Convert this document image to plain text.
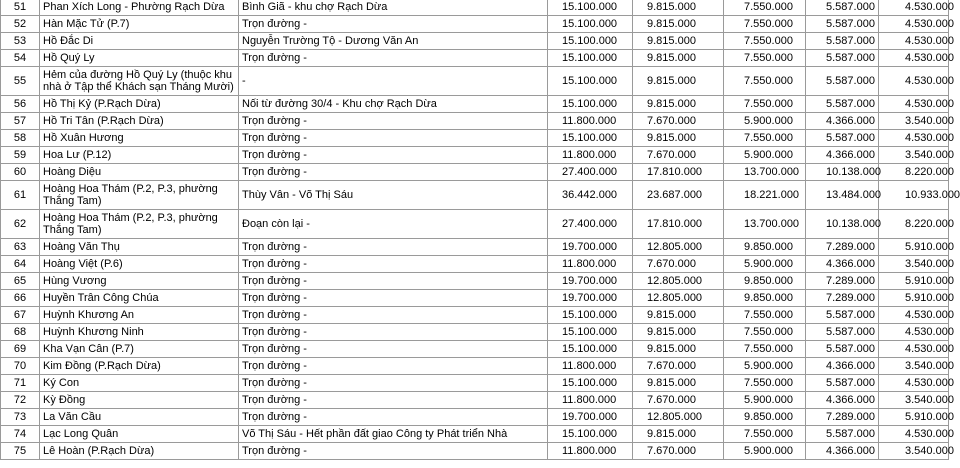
51	Phan Xích Long - Phường Rạch Dừa	Bình Giã - khu chợ Rạch Dừa	15.100.000	9.815.000	7.550.000	5.587.000	4.530.000
52	Hàn Mặc Tử (P.7)	Trọn đường -	15.100.000	9.815.000	7.550.000	5.587.000	4.530.000
53	Hồ Đắc Di	Nguyễn Trường Tộ - Dương Văn An	15.100.000	9.815.000	7.550.000	5.587.000	4.530.000
54	Hồ Quý Ly	Trọn đường -	15.100.000	9.815.000	7.550.000	5.587.000	4.530.000
55	Hẻm của đường Hồ Quý Ly (thuộc khu nhà ở Tập thể Khách sạn Tháng Mười)	-	15.100.000	9.815.000	7.550.000	5.587.000	4.530.000
56	Hồ Thị Kỷ (P.Rạch Dừa)	Nối từ đường 30/4 - Khu chợ Rạch Dừa	15.100.000	9.815.000	7.550.000	5.587.000	4.530.000
57	Hồ Tri Tân (P.Rạch Dừa)	Trọn đường -	11.800.000	7.670.000	5.900.000	4.366.000	3.540.000
58	Hồ Xuân Hương	Trọn đường -	15.100.000	9.815.000	7.550.000	5.587.000	4.530.000
59	Hoa Lư (P.12)	Trọn đường -	11.800.000	7.670.000	5.900.000	4.366.000	3.540.000
60	Hoàng Diệu	Trọn đường -	27.400.000	17.810.000	13.700.000	10.138.000	8.220.000
61	Hoàng Hoa Thám (P.2, P.3, phường Thắng Tam)	Thùy Vân - Võ Thị Sáu	36.442.000	23.687.000	18.221.000	13.484.000	10.933.000
62	Hoàng Hoa Thám (P.2, P.3, phường Thắng Tam)	Đoạn còn lại -	27.400.000	17.810.000	13.700.000	10.138.000	8.220.000
63	Hoàng Văn Thụ	Trọn đường -	19.700.000	12.805.000	9.850.000	7.289.000	5.910.000
64	Hoàng Việt (P.6)	Trọn đường -	11.800.000	7.670.000	5.900.000	4.366.000	3.540.000
65	Hùng Vương	Trọn đường -	19.700.000	12.805.000	9.850.000	7.289.000	5.910.000
66	Huyền Trân Công Chúa	Trọn đường -	19.700.000	12.805.000	9.850.000	7.289.000	5.910.000
67	Huỳnh Khương An	Trọn đường -	15.100.000	9.815.000	7.550.000	5.587.000	4.530.000
68	Huỳnh Khương Ninh	Trọn đường -	15.100.000	9.815.000	7.550.000	5.587.000	4.530.000
69	Kha Vạn Cân (P.7)	Trọn đường -	15.100.000	9.815.000	7.550.000	5.587.000	4.530.000
70	Kim Đồng (P.Rạch Dừa)	Trọn đường -	11.800.000	7.670.000	5.900.000	4.366.000	3.540.000
71	Ký Con	Trọn đường -	15.100.000	9.815.000	7.550.000	5.587.000	4.530.000
72	Kỳ Đồng	Trọn đường -	11.800.000	7.670.000	5.900.000	4.366.000	3.540.000
73	La Văn Cầu	Trọn đường -	19.700.000	12.805.000	9.850.000	7.289.000	5.910.000
74	Lạc Long Quân	Võ Thị Sáu - Hết phần đất giao Công ty Phát triển Nhà	15.100.000	9.815.000	7.550.000	5.587.000	4.530.000
75	Lê Hoàn (P.Rạch Dừa)	Trọn đường -	11.800.000	7.670.000	5.900.000	4.366.000	3.540.000
